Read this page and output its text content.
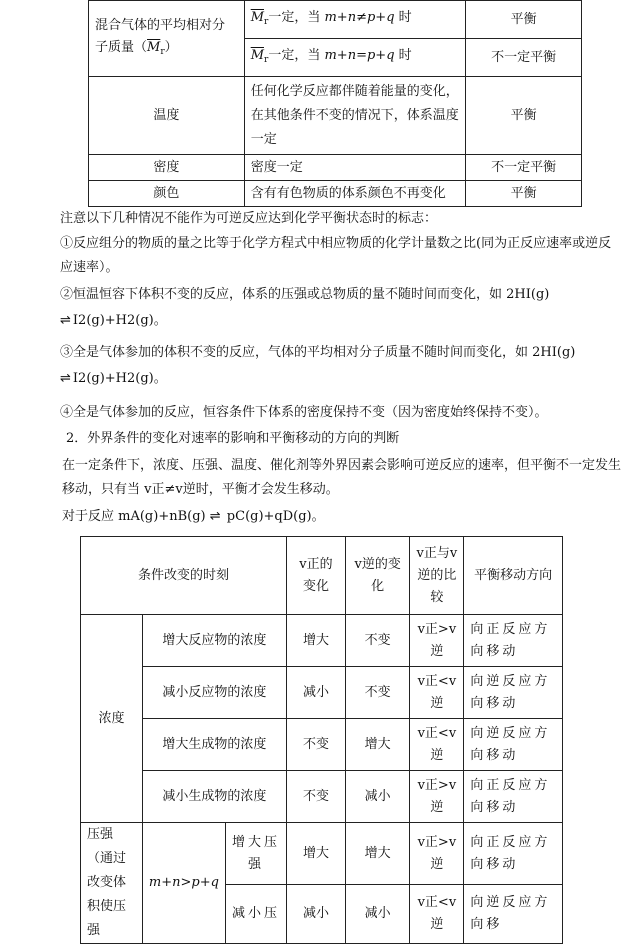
混合气体的平均相对分子质量$(\overline{M}_r)$	$\overline{M}_r$一定，当 m+n≠p+q 时	平衡
	$\overline{M}_r$一定，当 m+n=p+q 时	不一定平衡
温度	任何化学反应都伴随着能量的变化，在其他条件不变的情况下，体系温度一定	平衡
密度	密度一定	不一定平衡
颜色	含有有色物质的体系颜色不再变化	平衡
注意以下几种情况不能作为可逆反应达到化学平衡状态时的标志：
①反应组分的物质的量之比等于化学方程式中相应物质的化学计量数之比(同为正反应速率或逆反应速率）。
②恒温恒容下体积不变的反应，体系的压强或总物质的量不随时间而变化，如 2HI(g)
⇌ I2(g)+H2(g)。
③全是气体参加的体积不变的反应，气体的平均相对分子质量不随时间而变化，如 2HI(g)
⇌ I2(g)+H2(g)。
④全是气体参加的反应，恒容条件下体系的密度保持不变（因为密度始终保持不变）。
2．外界条件的变化对速率的影响和平衡移动的方向的判断
在一定条件下，浓度、压强、温度、催化剂等外界因素会影响可逆反应的速率，但平衡不一定发生移动，只有当 v正≠v逆时，平衡才会发生移动。
对于反应 mA(g)+nB(g) ⇌ pC(g)+qD(g)。
条件改变的时刻			v正的变化	v逆的变化	v正与v逆的比较	平衡移动方向
浓度	增大反应物的浓度		增大	不变	v正>v逆	向正反应方向移动
	减小反应物的浓度		减小	不变	v正<v逆	向逆反应方向移动
	增大生成物的浓度		不变	增大	v正<v逆	向逆反应方向移动
	减小生成物的浓度		不变	减小	v正>v逆	向正反应方向移动
压强（通过改变体积使压强	m+n>p+q	增大压强	增大	增大	v正>v逆	向正反应方向移动
		减小压	减小	减小	v正<v逆	向逆反应方向移
